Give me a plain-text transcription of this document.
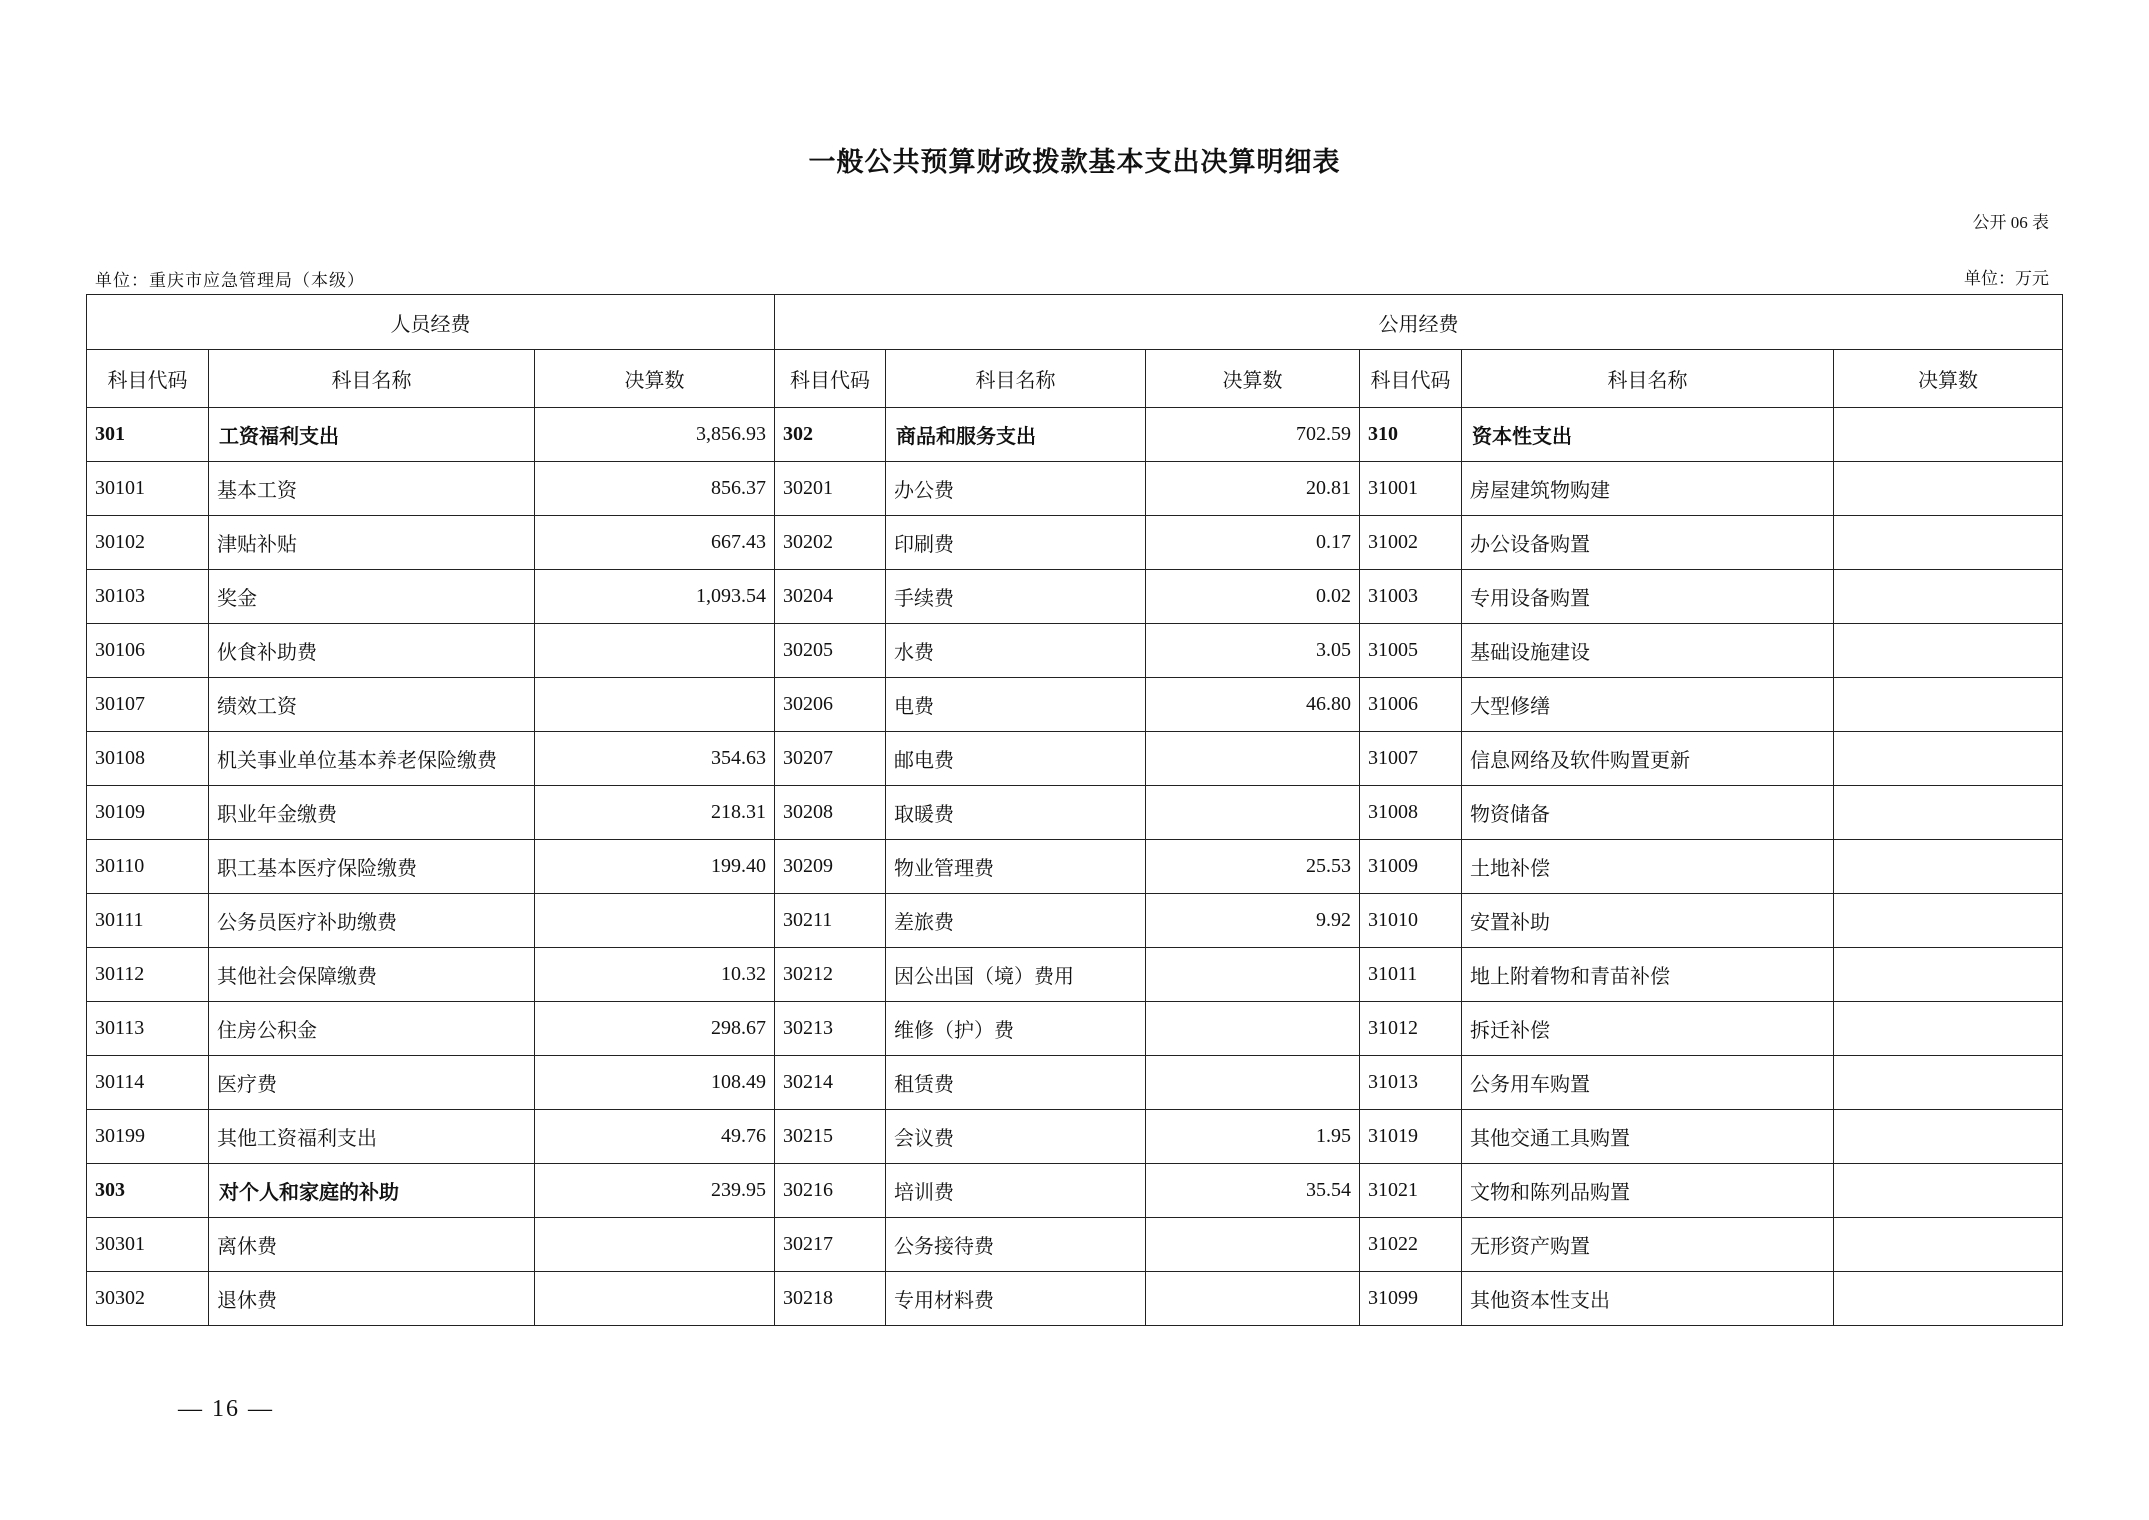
一般公共预算财政拨款基本支出决算明细表
公开 06 表
单位：重庆市应急管理局（本级）	单位：万元
人员经费			公用经费					
科目代码	科目名称	决算数	科目代码	科目名称	决算数	科目代码	科目名称	决算数
301	工资福利支出	3,856.93	302	商品和服务支出	702.59	310	资本性支出	
30101	基本工资	856.37	30201	办公费	20.81	31001	房屋建筑物购建	
30102	津贴补贴	667.43	30202	印刷费	0.17	31002	办公设备购置	
30103	奖金	1,093.54	30204	手续费	0.02	31003	专用设备购置	
30106	伙食补助费		30205	水费	3.05	31005	基础设施建设	
30107	绩效工资		30206	电费	46.80	31006	大型修缮	
30108	机关事业单位基本养老保险缴费	354.63	30207	邮电费		31007	信息网络及软件购置更新	
30109	职业年金缴费	218.31	30208	取暖费		31008	物资储备	
30110	职工基本医疗保险缴费	199.40	30209	物业管理费	25.53	31009	土地补偿	
30111	公务员医疗补助缴费		30211	差旅费	9.92	31010	安置补助	
30112	其他社会保障缴费	10.32	30212	因公出国（境）费用		31011	地上附着物和青苗补偿	
30113	住房公积金	298.67	30213	维修（护）费		31012	拆迁补偿	
30114	医疗费	108.49	30214	租赁费		31013	公务用车购置	
30199	其他工资福利支出	49.76	30215	会议费	1.95	31019	其他交通工具购置	
303	对个人和家庭的补助	239.95	30216	培训费	35.54	31021	文物和陈列品购置	
30301	离休费		30217	公务接待费		31022	无形资产购置	
30302	退休费		30218	专用材料费		31099	其他资本性支出	
— 16 —
